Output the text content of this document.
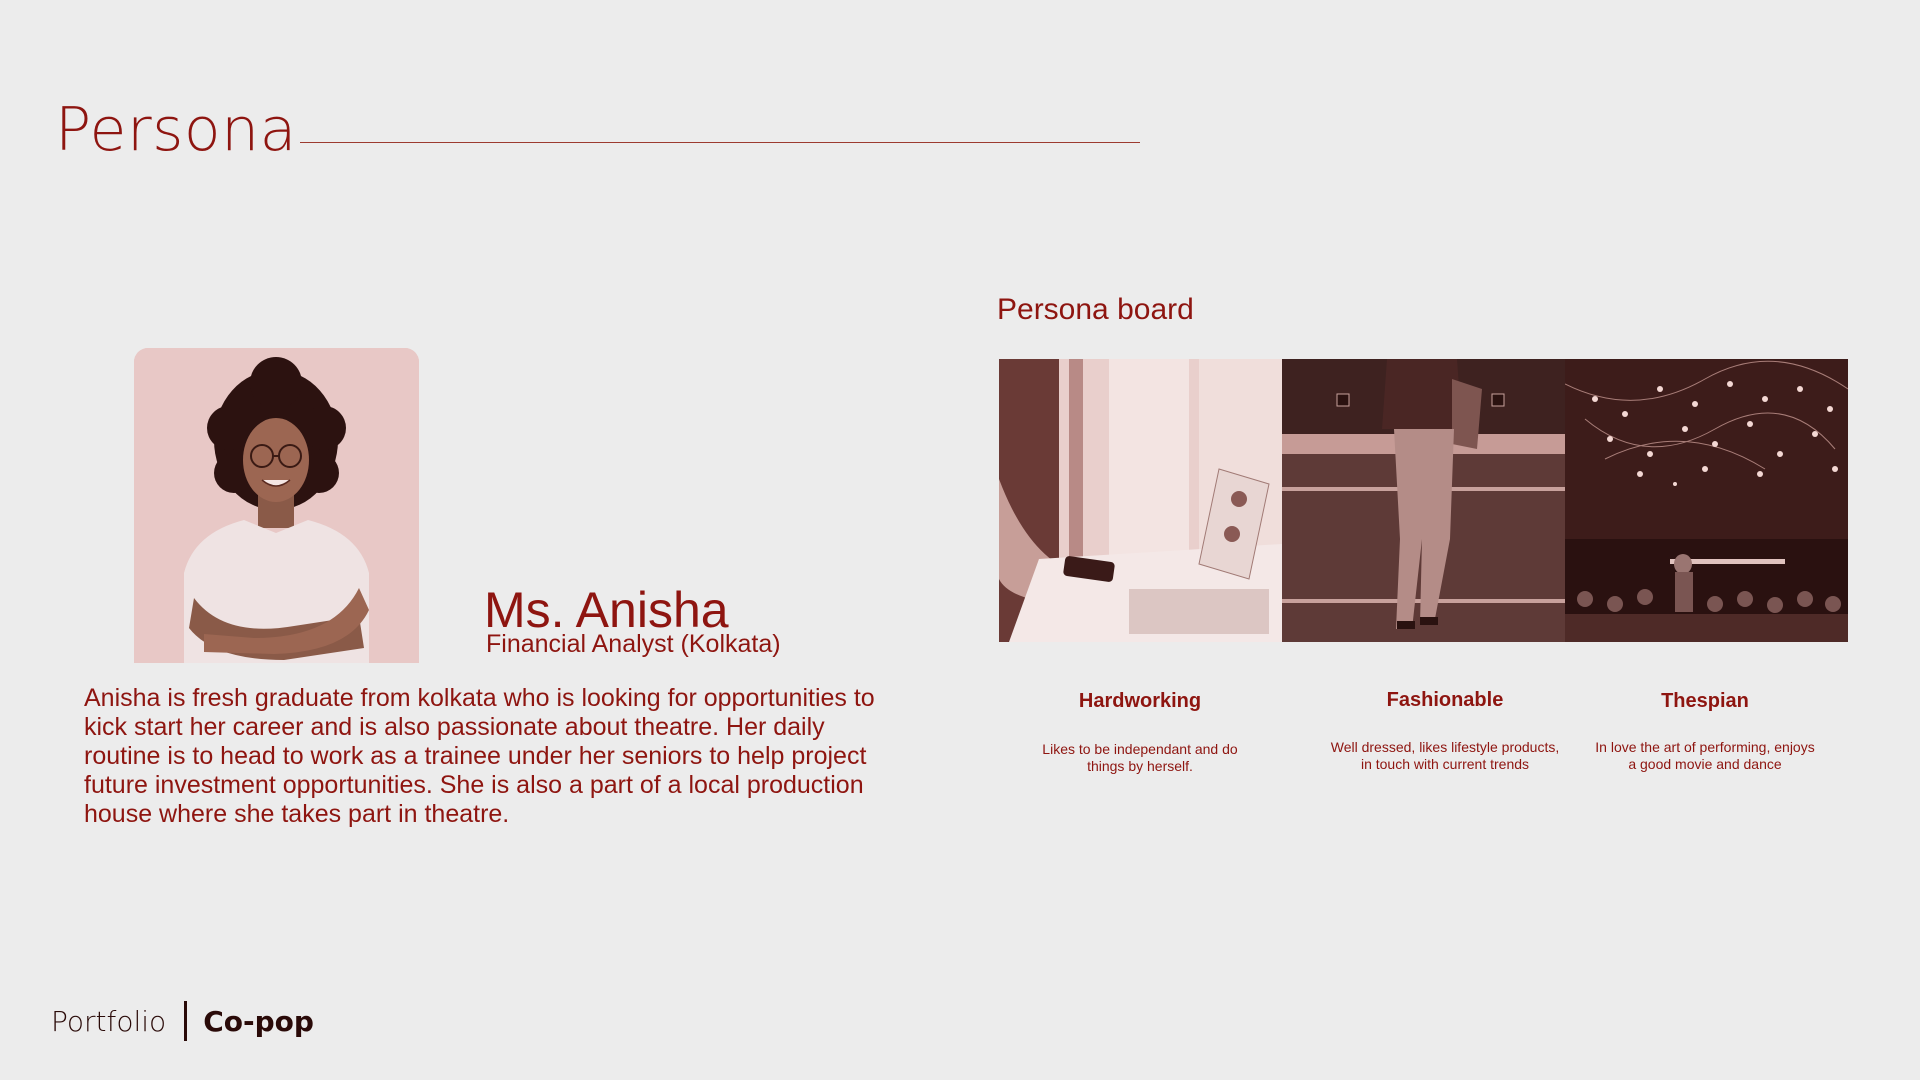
Persona
Ms. Anisha
Financial Analyst (Kolkata)
Anisha is fresh graduate from kolkata who is looking for opportunities to kick start her career and is also passionate about theatre. Her daily routine is to head to work as a trainee under her seniors to help project future investment opportunities. She is also a part of a local production house where she takes part in theatre.
Persona board
Hardworking
Likes to be independant and do things by herself.
Fashionable
Well dressed, likes lifestyle products, in touch with current trends
Thespian
In love the art of performing, enjoys a good movie and dance
Portfolio Co-pop
